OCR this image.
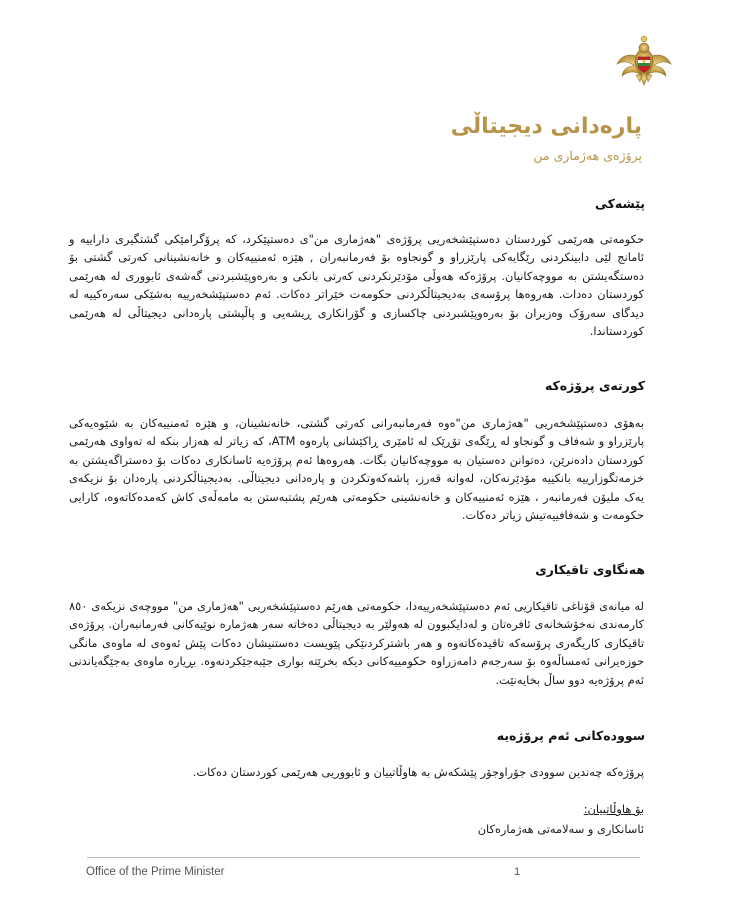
پارەدانی دیجیتاڵی

پرۆژەی هەژماری من

پێشەکی

حکومەتی هەرێمی کوردستان دەستپێشخەریی پرۆژەی "هەژماری من"ی دەستپێکرد، کە پرۆگرامێکی گشتگیری داراییە و ئامانج لێی دابینکردنی رێگایەکی پارێزراو و گونجاوە بۆ فەرمانبەران , هێزە ئەمنییەکان و خانەنشینانی کەرتی گشتی بۆ دەستگەیشتن بە مووچەکانیان. پرۆژەکە هەوڵی مۆدێرنکردنی کەرتی بانکی و بەرەوپێشبردنی گەشەی ئابووری لە هەرێمی کوردستان دەدات. هەروەها پرۆسەی بەدیجیتاڵکردنی حکومەت خێراتر دەکات. ئەم دەستپێشخەرییە بەشێکی سەرەکییە لە دیدگای سەرۆک وەزیران بۆ بەرەوپێشبردنی چاکسازی و گۆرانکاری ڕیشەیی و پاڵپشتی پارەدانی دیجیتاڵی لە هەرێمی کوردستاندا.

کورتەی پرۆژەکە

بەهۆی دەستپێشخەریی "هەژماری من"ەوە فەرمانبەرانی کەرتی گشتی، خانەنشینان، و هێزە ئەمنییەکان بە شێوەیەکی پارێزراو و شەفاف و گونجاو لە ڕێگەی تۆڕێک لە ئامێری ڕاکێشانی پارەوە ATM، کە زیاتر لە هەزار بنکە لە تەواوی هەرێمی کوردستان دادەنرێن، دەتوانن دەستیان بە مووچەکانیان بگات. هەروەها ئەم پرۆژەیە ئاسانکاری دەکات بۆ دەستراگەیشتن بە خزمەتگوزارییە بانکییە مۆدێرنەکان، لەوانە قەرز، پاشەکەوتکردن و پارەدانی دیجیتاڵی. بەدیجیتاڵکردنی پارەدان بۆ نزیکەی یەک ملیۆن فەرمانبەر ، هێزە ئەمنییەکان و خانەنشینی حکومەتی هەرێم پشتبەستن بە مامەڵەی کاش کەمدەکاتەوە، کارایی حکومەت و شەفافییەتیش زیاتر دەکات.

هەنگاوی تاقیکاری

لە میانەی قۆناغی تاقیکاریی ئەم دەستپێشخەرییەدا، حکومەتی هەرێم دەستپێشخەریی "هەژماری من" مووچەی نزیکەی ٨٥٠ کارمەندی نەخۆشخانەی ئافرەتان و لەدایکبوون لە هەولێر بە دیجیتاڵی دەخاتە سەر هەژمارە نوێیەکانی فەرمانبەران. پرۆژەی تاقیکاری کاریگەری پرۆسەکە تاقیدەکاتەوە و هەر باشترکردنێکی پێویست دەستنیشان دەکات پێش ئەوەی لە ماوەی مانگی حوزەیرانی ئەمساڵەوە بۆ سەرجەم دامەزراوە حکومییەکانی دیکە بخرێتە بواری جێبەجێکردنەوە. بڕیارە ماوەی بەجێگەیاندنی ئەم پرۆژەیە دوو ساڵ بخایەنێت.

سوودەکانی ئەم پرۆژەیە

پرۆژەکە چەندین سوودی جۆراوجۆر پێشکەش بە هاوڵاتییان و ئابووریی هەرێمی کوردستان دەکات.

بۆ هاوڵاتییان:

ئاسانکاری و سەلامەتی هەژمارەکان

Office of the Prime Minister	1
